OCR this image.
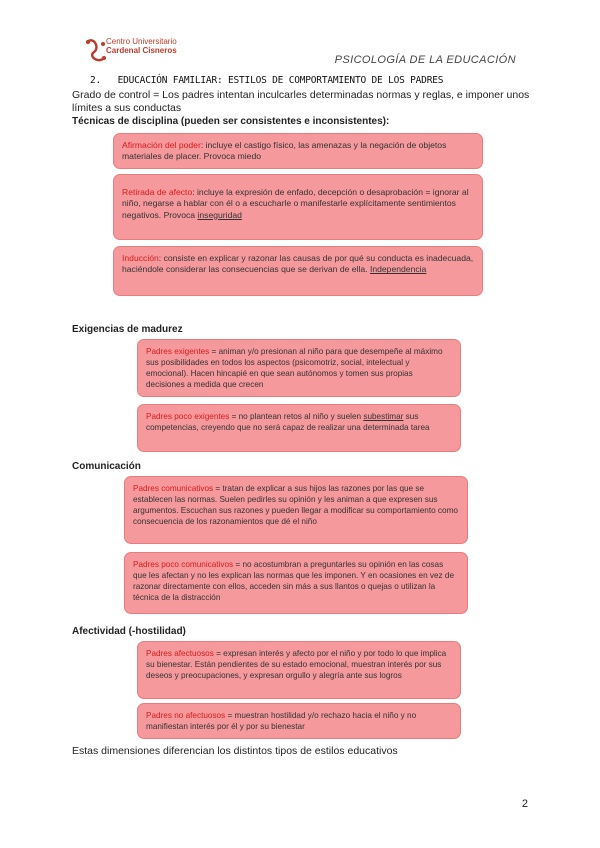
Centro Universitario
Cardenal Cisneros
PSICOLOGÍA DE LA EDUCACIÓN
2. EDUCACIÓN FAMILIAR: ESTILOS DE COMPORTAMIENTO DE LOS PADRES
Grado de control = Los padres intentan inculcarles determinadas normas y reglas, e imponer unos límites a sus conductas
Técnicas de disciplina (pueden ser consistentes e inconsistentes):
Afirmación del poder: incluye el castigo físico, las amenazas y la negación de objetos materiales de placer. Provoca miedo
Retirada de afecto: incluye la expresión de enfado, decepción o desaprobación = ignorar al niño, negarse a hablar con él o a escucharle o manifestarle explícitamente sentimientos negativos. Provoca inseguridad
Inducción: consiste en explicar y razonar las causas de por qué su conducta es inadecuada, haciéndole considerar las consecuencias que se derivan de ella. Independencia
Exigencias de madurez
Padres exigentes = animan y/o presionan al niño para que desempeñe al máximo sus posibilidades en todos los aspectos (psicomotriz, social, intelectual y emocional). Hacen hincapié en que sean autónomos y tomen sus propias decisiones a medida que crecen
Padres poco exigentes = no plantean retos al niño y suelen subestimar sus competencias, creyendo que no será capaz de realizar una determinada tarea
Comunicación
Padres comunicativos = tratan de explicar a sus hijos las razones por las que se establecen las normas. Suelen pedirles su opinión y les animan a que expresen sus argumentos. Escuchan sus razones y pueden llegar a modificar su comportamiento como consecuencia de los razonamientos que dé el niño
Padres poco comunicativos = no acostumbran a preguntarles su opinión en las cosas que les afectan y no les explican las normas que les imponen. Y en ocasiones en vez de razonar directamente con ellos, acceden sin más a sus llantos o quejas o utilizan la técnica de la distracción
Afectividad (-hostilidad)
Padres afectuosos = expresan interés y afecto por el niño y por todo lo que implica su bienestar. Están pendientes de su estado emocional, muestran interés por sus deseos y preocupaciones, y expresan orgullo y alegría ante sus logros
Padres no afectuosos = muestran hostilidad y/o rechazo hacia el niño y no manifiestan interés por él y por su bienestar
Estas dimensiones diferencian los distintos tipos de estilos educativos
2
